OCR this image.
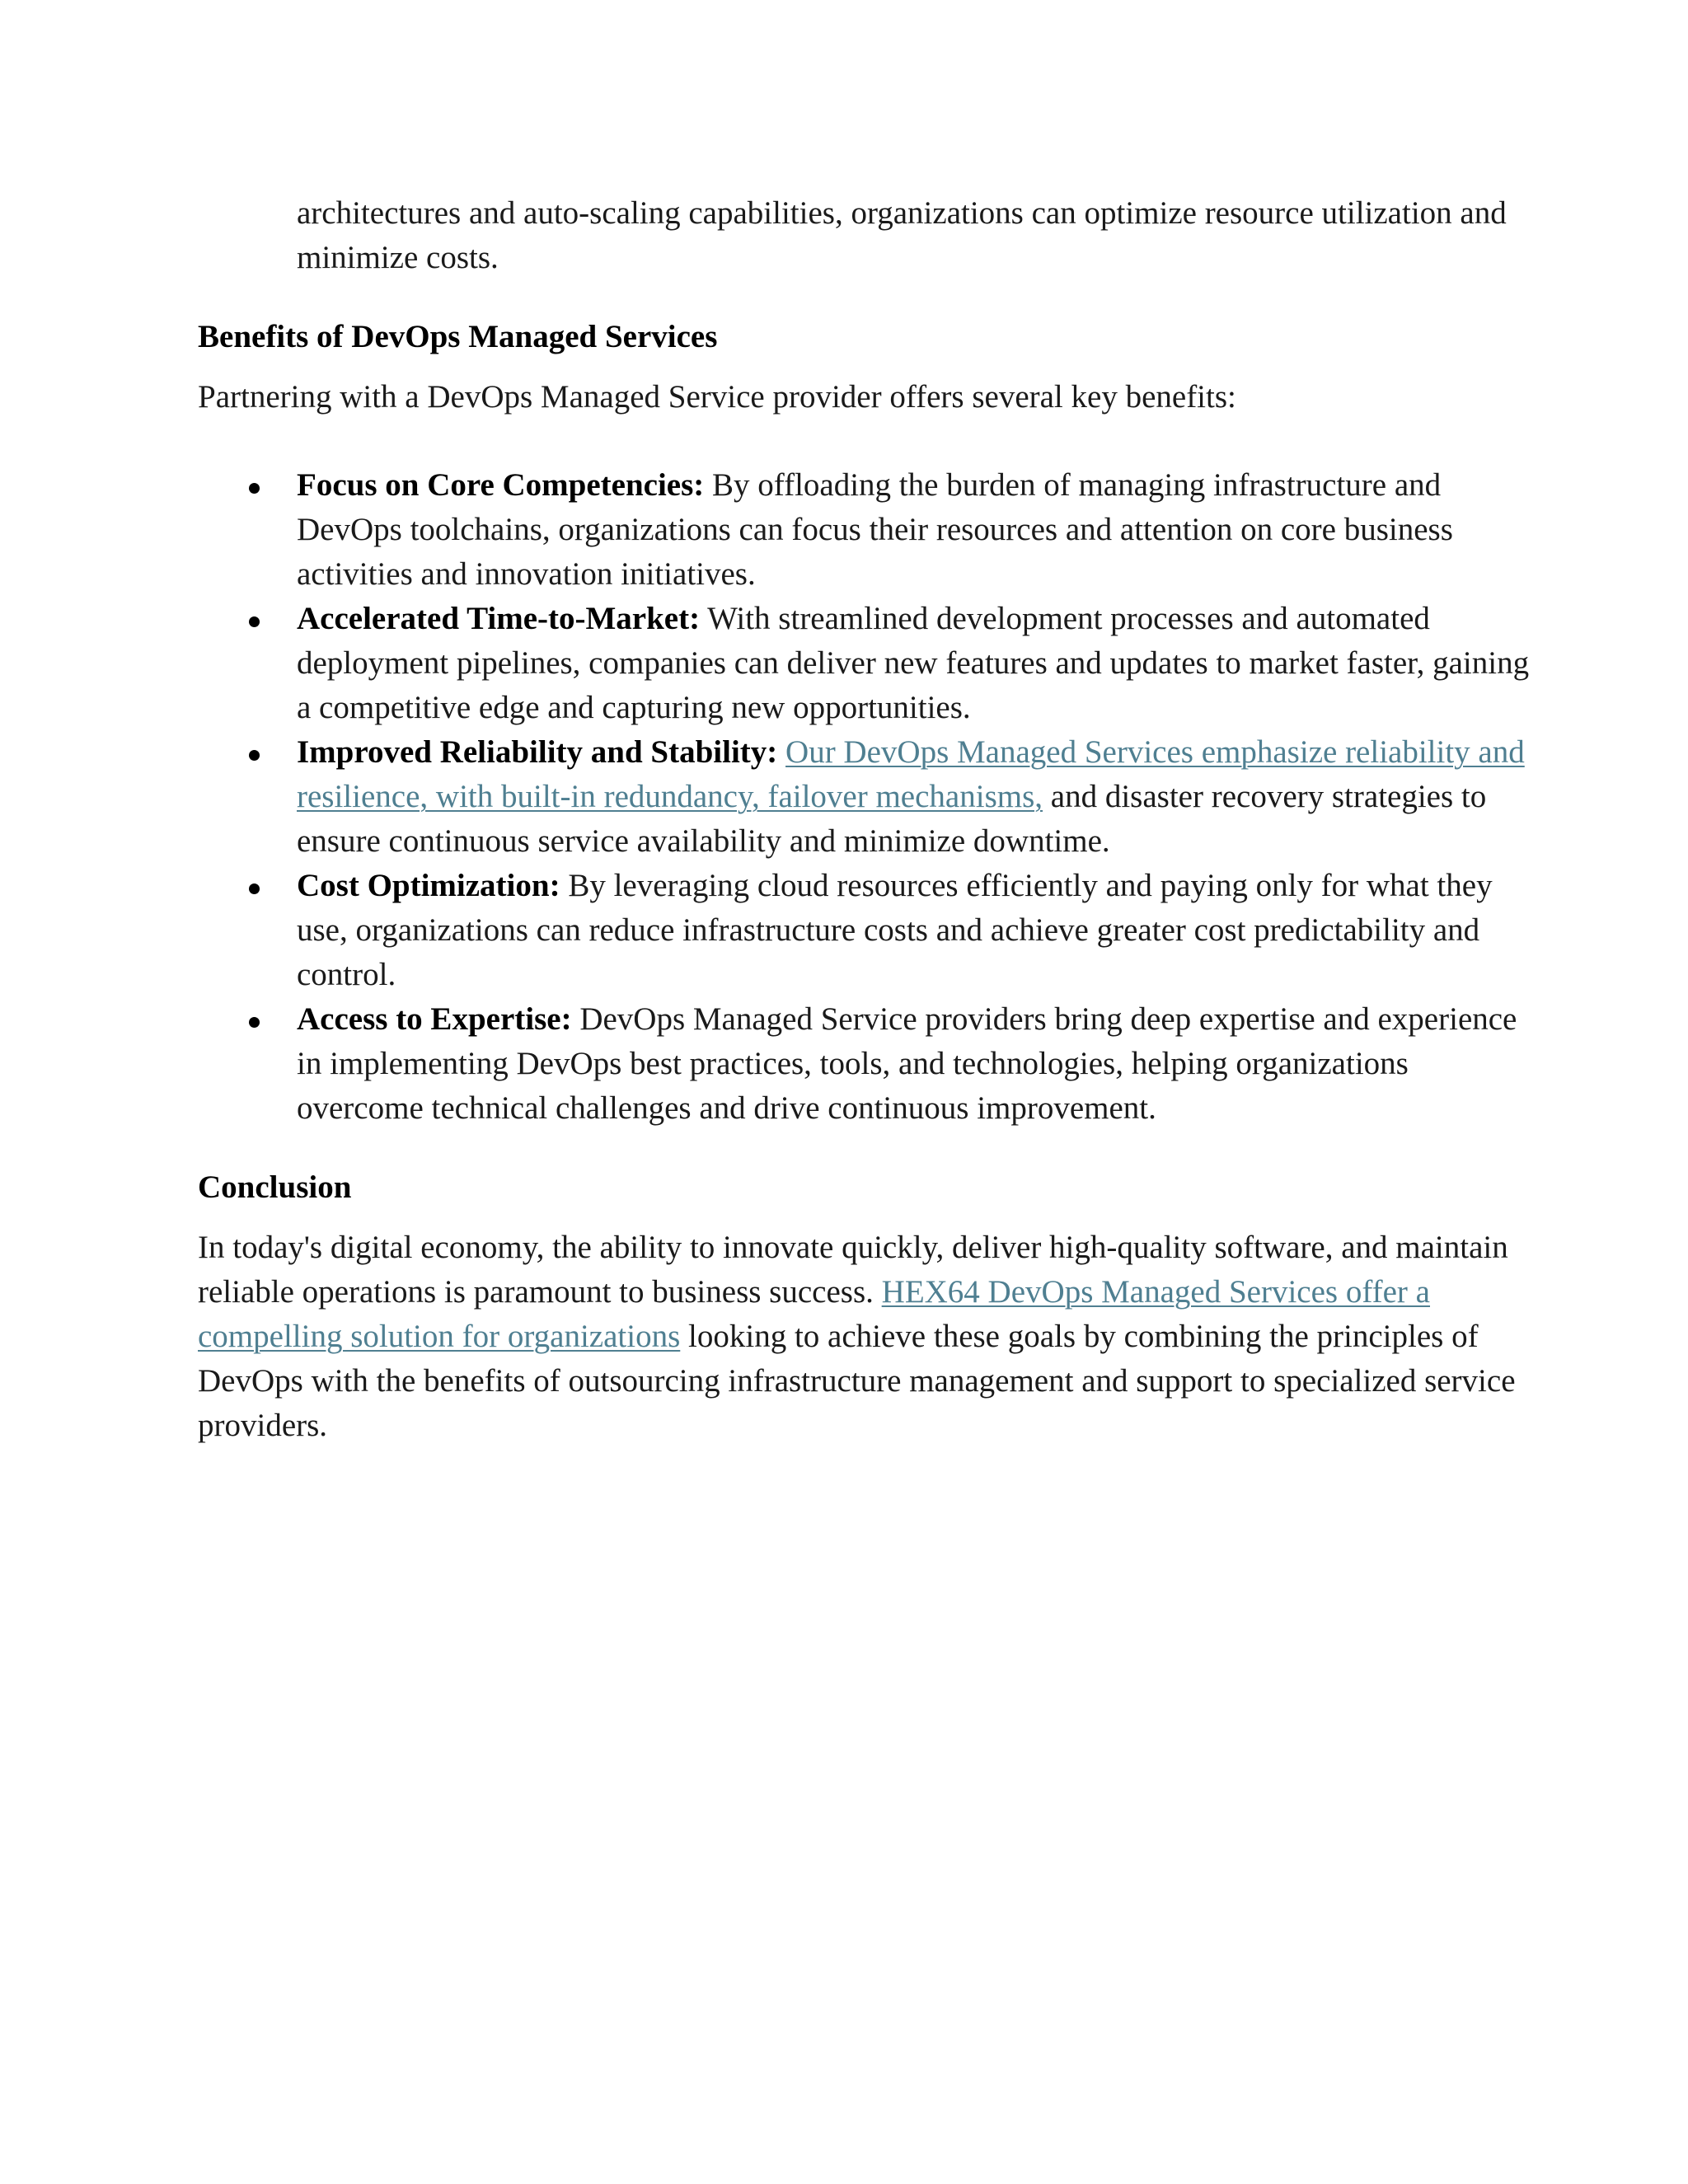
architectures and auto-scaling capabilities, organizations can optimize resource utilization and minimize costs.

Benefits of DevOps Managed Services

Partnering with a DevOps Managed Service provider offers several key benefits:

Focus on Core Competencies: By offloading the burden of managing infrastructure and DevOps toolchains, organizations can focus their resources and attention on core business activities and innovation initiatives.
Accelerated Time-to-Market: With streamlined development processes and automated deployment pipelines, companies can deliver new features and updates to market faster, gaining a competitive edge and capturing new opportunities.
Improved Reliability and Stability: Our DevOps Managed Services emphasize reliability and resilience, with built-in redundancy, failover mechanisms, and disaster recovery strategies to ensure continuous service availability and minimize downtime.
Cost Optimization: By leveraging cloud resources efficiently and paying only for what they use, organizations can reduce infrastructure costs and achieve greater cost predictability and control.
Access to Expertise: DevOps Managed Service providers bring deep expertise and experience in implementing DevOps best practices, tools, and technologies, helping organizations overcome technical challenges and drive continuous improvement.
Conclusion

In today's digital economy, the ability to innovate quickly, deliver high-quality software, and maintain reliable operations is paramount to business success. HEX64 DevOps Managed Services offer a compelling solution for organizations looking to achieve these goals by combining the principles of DevOps with the benefits of outsourcing infrastructure management and support to specialized service providers.
